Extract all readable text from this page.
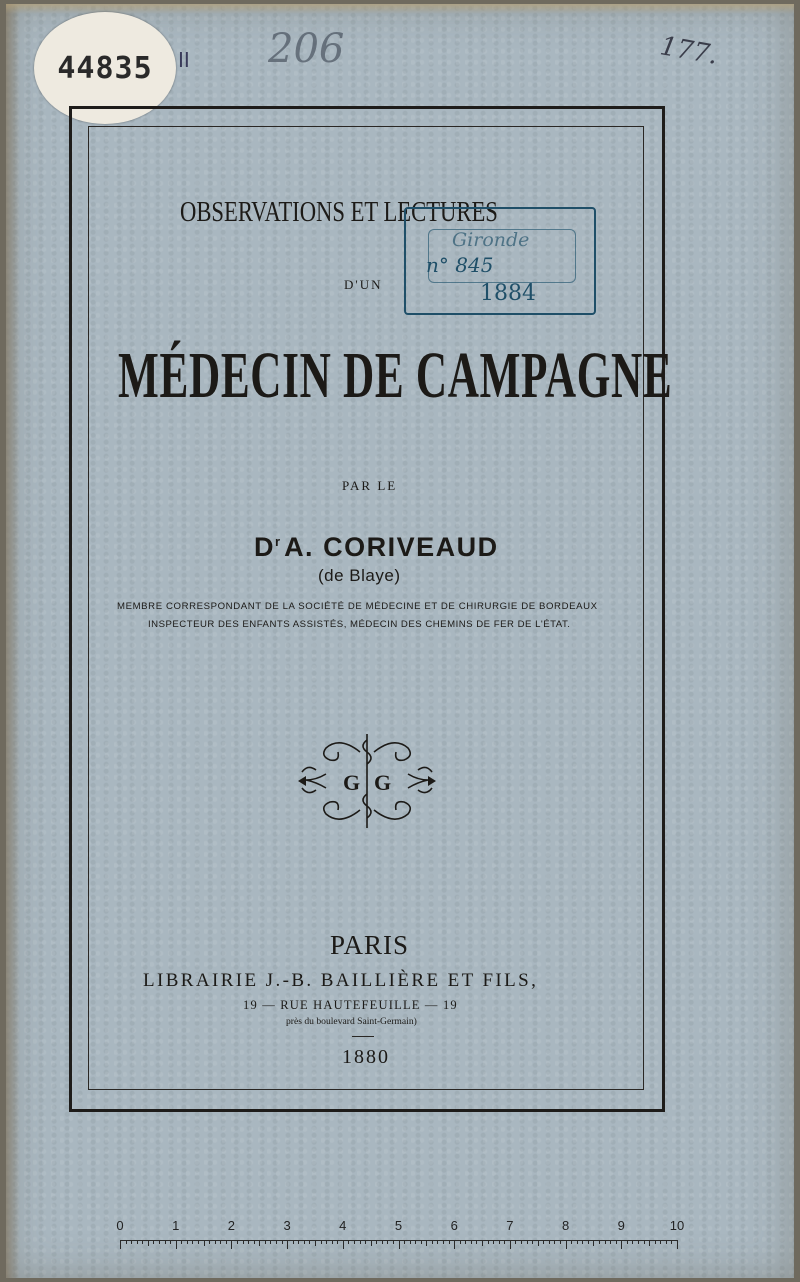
44835 II 206	177.
OBSERVATIONS ET LECTURES
D'UN
Gironde
n° 845
1884
MÉDECIN DE CAMPAGNE
PAR LE
$D^r$ A. CORIVEAUD
(de Blaye)
MEMBRE CORRESPONDANT DE LA SOCIÉTÉ DE MÉDECINE ET DE CHIRURGIE DE BORDEAUX
INSPECTEUR DES ENFANTS ASSISTÉS, MÉDECIN DES CHEMINS DE FER DE L'ÉTAT.
G G
PARIS
LIBRAIRIE J.-B. BAILLIÈRE ET FILS,
19 — RUE HAUTEFEUILLE — 19
près du boulevard Saint-Germain)
1880
0	1	2	3	4	5	6	7	8	9	10
